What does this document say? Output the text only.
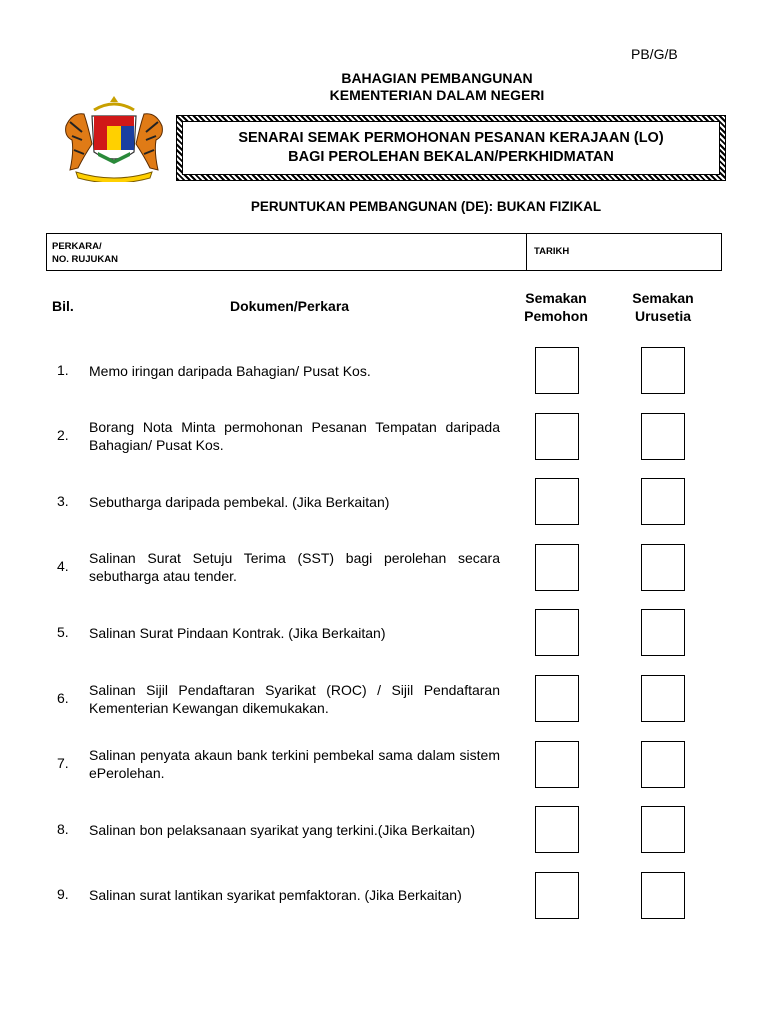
PB/G/B
BAHAGIAN PEMBANGUNAN
KEMENTERIAN DALAM NEGERI
SENARAI SEMAK PERMOHONAN PESANAN KERAJAAN (LO)
BAGI PEROLEHAN BEKALAN/PERKHIDMATAN
PERUNTUKAN PEMBANGUNAN (DE): BUKAN FIZIKAL
PERKARA/
NO. RUJUKAN
TARIKH
Bil.	Dokumen/Perkara	Semakan
Pemohon
Semakan
Urusetia
1. Memo iringan daripada Bahagian/ Pusat Kos.
2. Borang Nota Minta permohonan Pesanan Tempatan daripada Bahagian/ Pusat Kos.
3. Sebutharga daripada pembekal. (Jika Berkaitan)
4. Salinan Surat Setuju Terima (SST) bagi perolehan secara sebutharga atau tender.
5. Salinan Surat Pindaan Kontrak. (Jika Berkaitan)
6. Salinan Sijil Pendaftaran Syarikat (ROC) / Sijil Pendaftaran Kementerian Kewangan dikemukakan.
7. Salinan penyata akaun bank terkini pembekal sama dalam sistem ePerolehan.
8. Salinan bon pelaksanaan syarikat yang terkini.(Jika Berkaitan)
9. Salinan surat lantikan syarikat pemfaktoran. (Jika Berkaitan)
